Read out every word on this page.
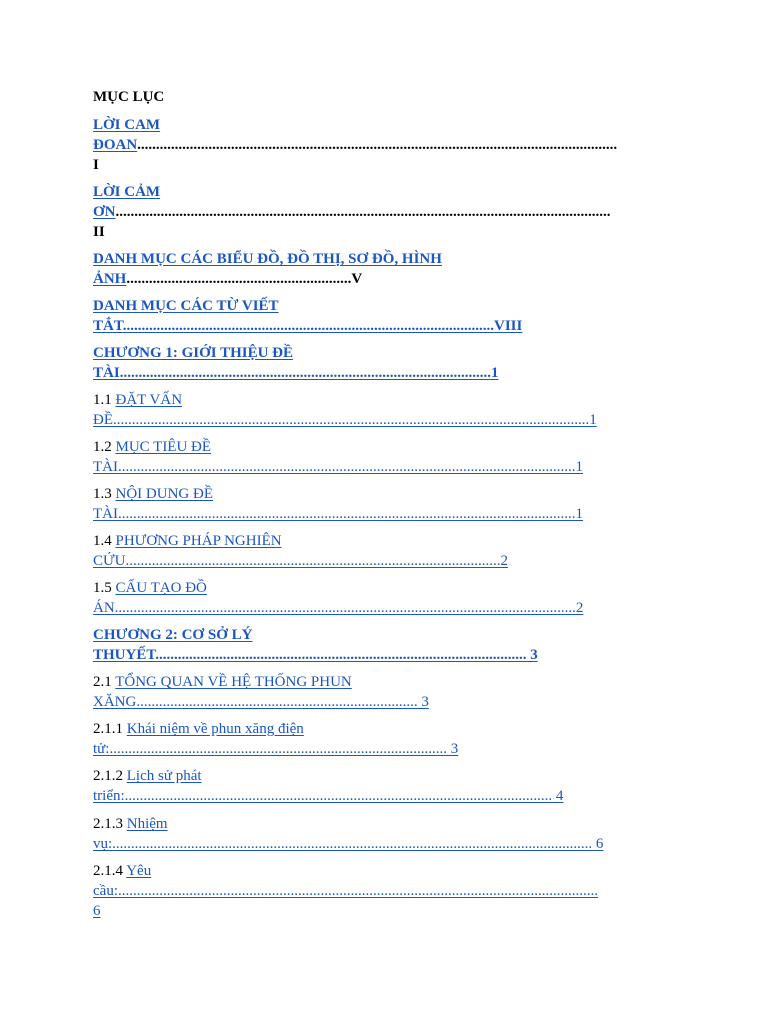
MỤC LỤC
LỜI CAM
ĐOAN................................................................................................................................
I
LỜI CẢM
ƠN....................................................................................................................................
II
DANH MỤC CÁC BIỂU ĐỒ, ĐỒ THỊ, SƠ ĐỒ, HÌNH
ẢNH............................................................V
DANH MỤC CÁC TỪ VIẾT
TẮT...................................................................................................VIII
CHƯƠNG 1: GIỚI THIỆU ĐỀ
TÀI...................................................................................................1
1.1 ĐẶT VẤN
ĐỀ...............................................................................................................................1
1.2 MỤC TIÊU ĐỀ
TÀI..........................................................................................................................1
1.3 NỘI DUNG ĐỀ
TÀI..........................................................................................................................1
1.4 PHƯƠNG PHÁP NGHIÊN
CỨU....................................................................................................2
1.5 CẤU TẠO ĐỒ
ÁN...........................................................................................................................2
CHƯƠNG 2: CƠ SỞ LÝ
THUYẾT................................................................................................... 3
2.1 TỔNG QUAN VỀ HỆ THỐNG PHUN
XĂNG........................................................................... 3
2.1.1 Khái niệm về phun xăng điện
tử:.......................................................................................... 3
2.1.2 Lịch sử phát
triển:.................................................................................................................. 4
2.1.3 Nhiệm
vụ:................................................................................................................................ 6
2.1.4 Yêu
cầu:................................................................................................................................
6
